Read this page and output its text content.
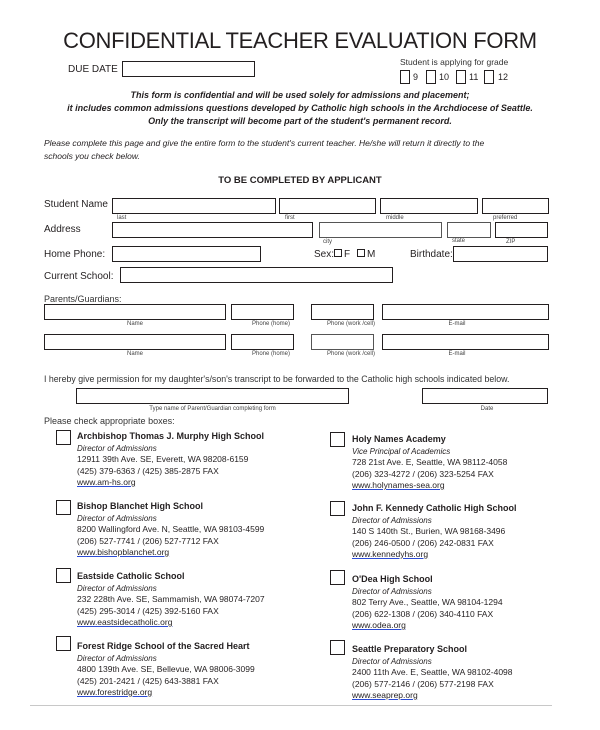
CONFIDENTIAL TEACHER EVALUATION FORM
DUE DATE
Student is applying for grade
9 10 11 12
This form is confidential and will be used solely for admissions and placement;
it includes common admissions questions developed by Catholic high schools in the Archdiocese of Seattle.
Only the transcript will become part of the student's permanent record.
Please complete this page and give the entire form to the student's current teacher. He/she will return it directly to the
schools you check below.
TO BE COMPLETED BY APPLICANT
Student Name
last	first	middle	preferred
Address
city	state	ZIP
Home Phone:	Sex: F M	Birthdate:
Current School:
Parents/Guardians:
Name	Phone (home)	Phone (work /cell)	E-mail
Name	Phone (home)	Phone (work /cell)	E-mail
I hereby give permission for my daughter's/son's transcript to be forwarded to the Catholic high schools indicated below.
Type name of Parent/Guardian completing form	Date
Please check appropriate boxes:
Archbishop Thomas J. Murphy High School
Director of Admissions
12911 39th Ave. SE, Everett, WA 98208-6159
(425) 379-6363 / (425) 385-2875 FAX
www.am-hs.org
Bishop Blanchet High School
Director of Admissions
8200 Wallingford Ave. N, Seattle, WA 98103-4599
(206) 527-7741 / (206) 527-7712 FAX
www.bishopblanchet.org
Eastside Catholic School
Director of Admissions
232 228th Ave. SE, Sammamish, WA 98074-7207
(425) 295-3014 / (425) 392-5160 FAX
www.eastsidecatholic.org
Forest Ridge School of the Sacred Heart
Director of Admissions
4800 139th Ave. SE, Bellevue, WA 98006-3099
(425) 201-2421 / (425) 643-3881 FAX
www.forestridge.org
Holy Names Academy
Vice Principal of Academics
728 21st Ave. E, Seattle, WA 98112-4058
(206) 323-4272 / (206) 323-5254 FAX
www.holynames-sea.org
John F. Kennedy Catholic High School
Director of Admissions
140 S 140th St., Burien, WA 98168-3496
(206) 246-0500 / (206) 242-0831 FAX
www.kennedyhs.org
O'Dea High School
Director of Admissions
802 Terry Ave., Seattle, WA 98104-1294
(206) 622-1308 / (206) 340-4110 FAX
www.odea.org
Seattle Preparatory School
Director of Admissions
2400 11th Ave. E, Seattle, WA 98102-4098
(206) 577-2146 / (206) 577-2198 FAX
www.seaprep.org
